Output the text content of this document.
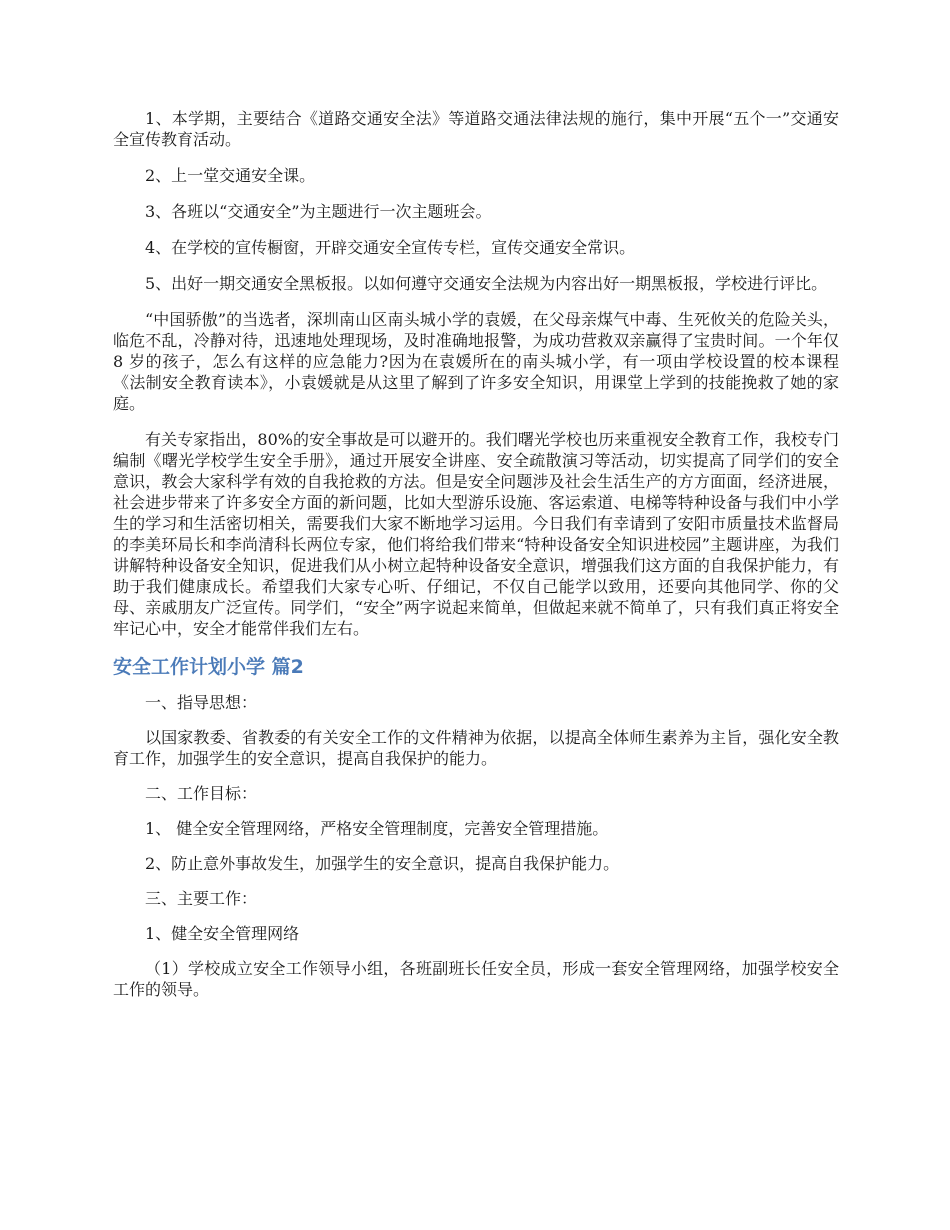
1、本学期，主要结合《道路交通安全法》等道路交通法律法规的施行，集中开展“五个一”交通安全宣传教育活动。

2、上一堂交通安全课。

3、各班以“交通安全”为主题进行一次主题班会。

4、在学校的宣传橱窗，开辟交通安全宣传专栏，宣传交通安全常识。

5、出好一期交通安全黑板报。以如何遵守交通安全法规为内容出好一期黑板报，学校进行评比。

“中国骄傲”的当选者，深圳南山区南头城小学的袁媛，在父母亲煤气中毒、生死攸关的危险关头，临危不乱，冷静对待，迅速地处理现场，及时准确地报警，为成功营救双亲赢得了宝贵时间。一个年仅 8 岁的孩子，怎么有这样的应急能力?因为在袁媛所在的南头城小学，有一项由学校设置的校本课程《法制安全教育读本》，小袁媛就是从这里了解到了许多安全知识，用课堂上学到的技能挽救了她的家庭。

有关专家指出，80%的安全事故是可以避开的。我们曙光学校也历来重视安全教育工作，我校专门编制《曙光学校学生安全手册》，通过开展安全讲座、安全疏散演习等活动，切实提高了同学们的安全意识，教会大家科学有效的自我抢救的方法。但是安全问题涉及社会生活生产的方方面面，经济进展，社会进步带来了许多安全方面的新问题，比如大型游乐设施、客运索道、电梯等特种设备与我们中小学生的学习和生活密切相关，需要我们大家不断地学习运用。今日我们有幸请到了安阳市质量技术监督局的李美环局长和李尚清科长两位专家，他们将给我们带来“特种设备安全知识进校园”主题讲座，为我们讲解特种设备安全知识，促进我们从小树立起特种设备安全意识，增强我们这方面的自我保护能力，有助于我们健康成长。希望我们大家专心听、仔细记，不仅自己能学以致用，还要向其他同学、你的父母、亲戚朋友广泛宣传。同学们，“安全”两字说起来简单，但做起来就不简单了，只有我们真正将安全牢记心中，安全才能常伴我们左右。

安全工作计划小学 篇2

一、指导思想：

以国家教委、省教委的有关安全工作的文件精神为依据，以提高全体师生素养为主旨，强化安全教育工作，加强学生的安全意识，提高自我保护的能力。

二、工作目标：

1、 健全安全管理网络，严格安全管理制度，完善安全管理措施。

2、防止意外事故发生，加强学生的安全意识，提高自我保护能力。

三、主要工作：

1、健全安全管理网络

（1）学校成立安全工作领导小组，各班副班长任安全员，形成一套安全管理网络，加强学校安全工作的领导。
